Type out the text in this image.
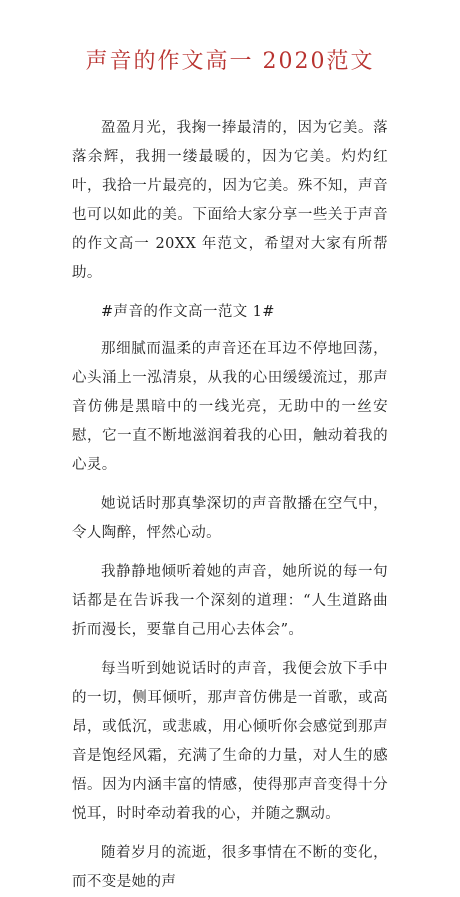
声音的作文高一 2020范文

盈盈月光，我掬一捧最清的，因为它美。落落余辉，我拥一缕最暖的，因为它美。灼灼红叶，我拾一片最亮的，因为它美。殊不知，声音也可以如此的美。下面给大家分享一些关于声音的作文高一 20XX 年范文，希望对大家有所帮助。

#声音的作文高一范文 1#

那细腻而温柔的声音还在耳边不停地回荡，心头涌上一泓清泉，从我的心田缓缓流过，那声音仿佛是黑暗中的一线光亮，无助中的一丝安慰，它一直不断地滋润着我的心田，触动着我的心灵。

她说话时那真挚深切的声音散播在空气中，令人陶醉，怦然心动。

我静静地倾听着她的声音，她所说的每一句话都是在告诉我一个深刻的道理：“人生道路曲折而漫长，要靠自己用心去体会”。

每当听到她说话时的声音，我便会放下手中的一切，侧耳倾听，那声音仿佛是一首歌，或高昂，或低沉，或悲戚，用心倾听你会感觉到那声音是饱经风霜，充满了生命的力量，对人生的感悟。因为内涵丰富的情感，使得那声音变得十分悦耳，时时牵动着我的心，并随之飘动。

随着岁月的流逝，很多事情在不断的变化，而不变是她的声
